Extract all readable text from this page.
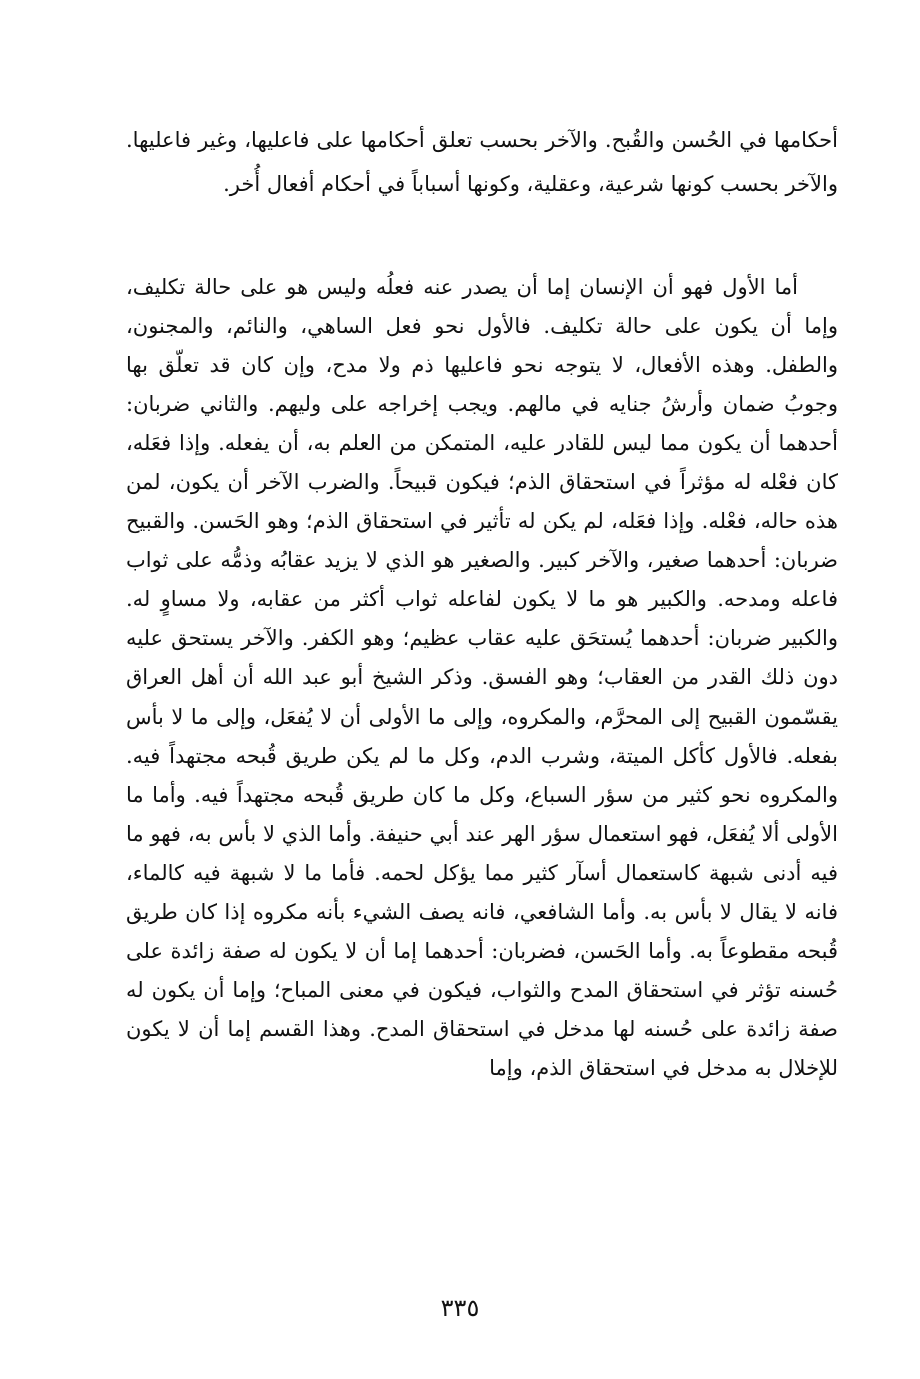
أحكامها في الحُسن والقُبح. والآخر بحسب تعلق أحكامها على فاعليها، وغير فاعليها. والآخر بحسب كونها شرعية، وعقلية، وكونها أسباباً في أحكام أفعال أُخر.

أما الأول فهو أن الإنسان إما أن يصدر عنه فعلُه وليس هو على حالة تكليف، وإما أن يكون على حالة تكليف. فالأول نحو فعل الساهي، والنائم، والمجنون، والطفل. وهذه الأفعال، لا يتوجه نحو فاعليها ذم ولا مدح، وإن كان قد تعلّق بها وجوبُ ضمان وأرشُ جنايه في مالهم. ويجب إخراجه على وليهم. والثاني ضربان: أحدهما أن يكون مما ليس للقادر عليه، المتمكن من العلم به، أن يفعله. وإذا فعَله، كان فعْله له مؤثراً في استحقاق الذم؛ فيكون قبيحاً. والضرب الآخر أن يكون، لمن هذه حاله، فعْله. وإذا فعَله، لم يكن له تأثير في استحقاق الذم؛ وهو الحَسن. والقبيح ضربان: أحدهما صغير، والآخر كبير. والصغير هو الذي لا يزيد عقابُه وذمُّه على ثواب فاعله ومدحه. والكبير هو ما لا يكون لفاعله ثواب أكثر من عقابه، ولا مساوٍ له. والكبير ضربان: أحدهما يُستحَق عليه عقاب عظيم؛ وهو الكفر. والآخر يستحق عليه دون ذلك القدر من العقاب؛ وهو الفسق. وذكر الشيخ أبو عبد الله أن أهل العراق يقسّمون القبيح إلى المحرَّم، والمكروه، وإلى ما الأولى أن لا يُفعَل، وإلى ما لا بأس بفعله. فالأول كأكل الميتة، وشرب الدم، وكل ما لم يكن طريق قُبحه مجتهداً فيه. والمكروه نحو كثير من سؤر السباع، وكل ما كان طريق قُبحه مجتهداً فيه. وأما ما الأولى ألا يُفعَل، فهو استعمال سؤر الهر عند أبي حنيفة. وأما الذي لا بأس به، فهو ما فيه أدنى شبهة كاستعمال أسآر كثير مما يؤكل لحمه. فأما ما لا شبهة فيه كالماء، فانه لا يقال لا بأس به. وأما الشافعي، فانه يصف الشيء بأنه مكروه إذا كان طريق قُبحه مقطوعاً به. وأما الحَسن، فضربان: أحدهما إما أن لا يكون له صفة زائدة على حُسنه تؤثر في استحقاق المدح والثواب، فيكون في معنى المباح؛ وإما أن يكون له صفة زائدة على حُسنه لها مدخل في استحقاق المدح. وهذا القسم إما أن لا يكون للإخلال به مدخل في استحقاق الذم، وإما

٣٣٥
